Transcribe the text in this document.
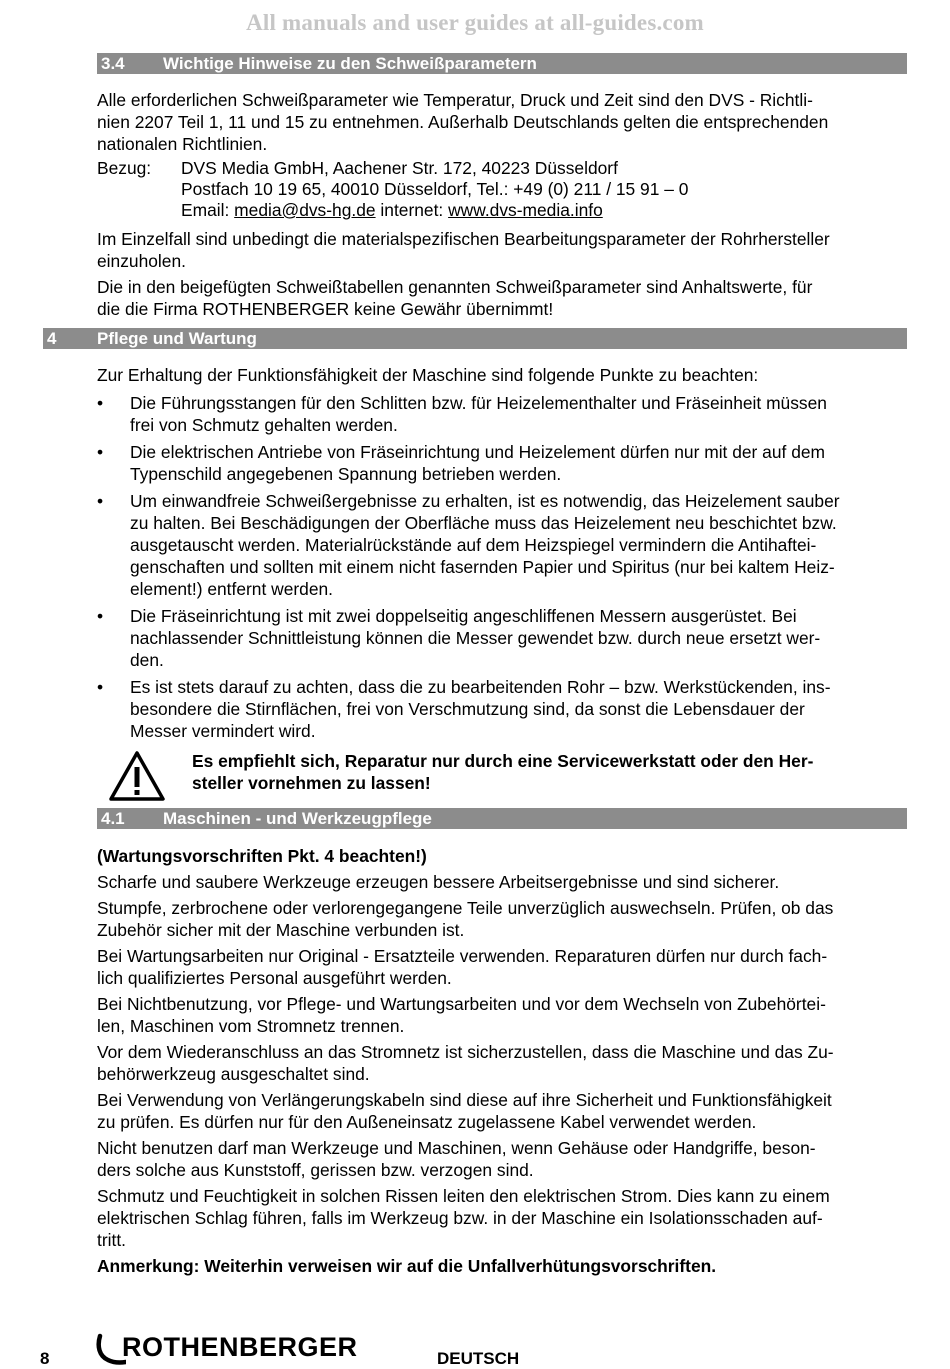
All manuals and user guides at all-guides.com
3.4 Wichtige Hinweise zu den Schweißparametern
Alle erforderlichen Schweißparameter wie Temperatur, Druck und Zeit sind den DVS - Richtli-
nien 2207 Teil 1, 11 und 15 zu entnehmen. Außerhalb Deutschlands gelten die entsprechenden
nationalen Richtlinien.
Bezug: DVS Media GmbH, Aachener Str. 172, 40223 Düsseldorf
Postfach 10 19 65, 40010 Düsseldorf, Tel.: +49 (0) 211 / 15 91 – 0
Email: media@dvs-hg.de internet: www.dvs-media.info
Im Einzelfall sind unbedingt die materialspezifischen Bearbeitungsparameter der Rohrhersteller
einzuholen.
Die in den beigefügten Schweißtabellen genannten Schweißparameter sind Anhaltswerte, für
die die Firma ROTHENBERGER keine Gewähr übernimmt!
4 Pflege und Wartung
Zur Erhaltung der Funktionsfähigkeit der Maschine sind folgende Punkte zu beachten:
• Die Führungsstangen für den Schlitten bzw. für Heizelementhalter und Fräseinheit müssen
frei von Schmutz gehalten werden.
• Die elektrischen Antriebe von Fräseinrichtung und Heizelement dürfen nur mit der auf dem
Typenschild angegebenen Spannung betrieben werden.
• Um einwandfreie Schweißergebnisse zu erhalten, ist es notwendig, das Heizelement sauber
zu halten. Bei Beschädigungen der Oberfläche muss das Heizelement neu beschichtet bzw.
ausgetauscht werden. Materialrückstände auf dem Heizspiegel vermindern die Antihaftei-
genschaften und sollten mit einem nicht fasernden Papier und Spiritus (nur bei kaltem Heiz-
element!) entfernt werden.
• Die Fräseinrichtung ist mit zwei doppelseitig angeschliffenen Messern ausgerüstet. Bei
nachlassender Schnittleistung können die Messer gewendet bzw. durch neue ersetzt wer-
den.
• Es ist stets darauf zu achten, dass die zu bearbeitenden Rohr – bzw. Werkstückenden, ins-
besondere die Stirnflächen, frei von Verschmutzung sind, da sonst die Lebensdauer der
Messer vermindert wird.
Es empfiehlt sich, Reparatur nur durch eine Servicewerkstatt oder den Her-
steller vornehmen zu lassen!
4.1 Maschinen - und Werkzeugpflege
(Wartungsvorschriften Pkt. 4 beachten!)
Scharfe und saubere Werkzeuge erzeugen bessere Arbeitsergebnisse und sind sicherer.
Stumpfe, zerbrochene oder verlorengegangene Teile unverzüglich auswechseln. Prüfen, ob das
Zubehör sicher mit der Maschine verbunden ist.
Bei Wartungsarbeiten nur Original - Ersatzteile verwenden. Reparaturen dürfen nur durch fach-
lich qualifiziertes Personal ausgeführt werden.
Bei Nichtbenutzung, vor Pflege- und Wartungsarbeiten und vor dem Wechseln von Zubehörtei-
len, Maschinen vom Stromnetz trennen.
Vor dem Wiederanschluss an das Stromnetz ist sicherzustellen, dass die Maschine und das Zu-
behörwerkzeug ausgeschaltet sind.
Bei Verwendung von Verlängerungskabeln sind diese auf ihre Sicherheit und Funktionsfähigkeit
zu prüfen. Es dürfen nur für den Außeneinsatz zugelassene Kabel verwendet werden.
Nicht benutzen darf man Werkzeuge und Maschinen, wenn Gehäuse oder Handgriffe, beson-
ders solche aus Kunststoff, gerissen bzw. verzogen sind.
Schmutz und Feuchtigkeit in solchen Rissen leiten den elektrischen Strom. Dies kann zu einem
elektrischen Schlag führen, falls im Werkzeug bzw. in der Maschine ein Isolationsschaden auf-
tritt.
Anmerkung: Weiterhin verweisen wir auf die Unfallverhütungsvorschriften.
8	ROTHENBERGER	DEUTSCH
